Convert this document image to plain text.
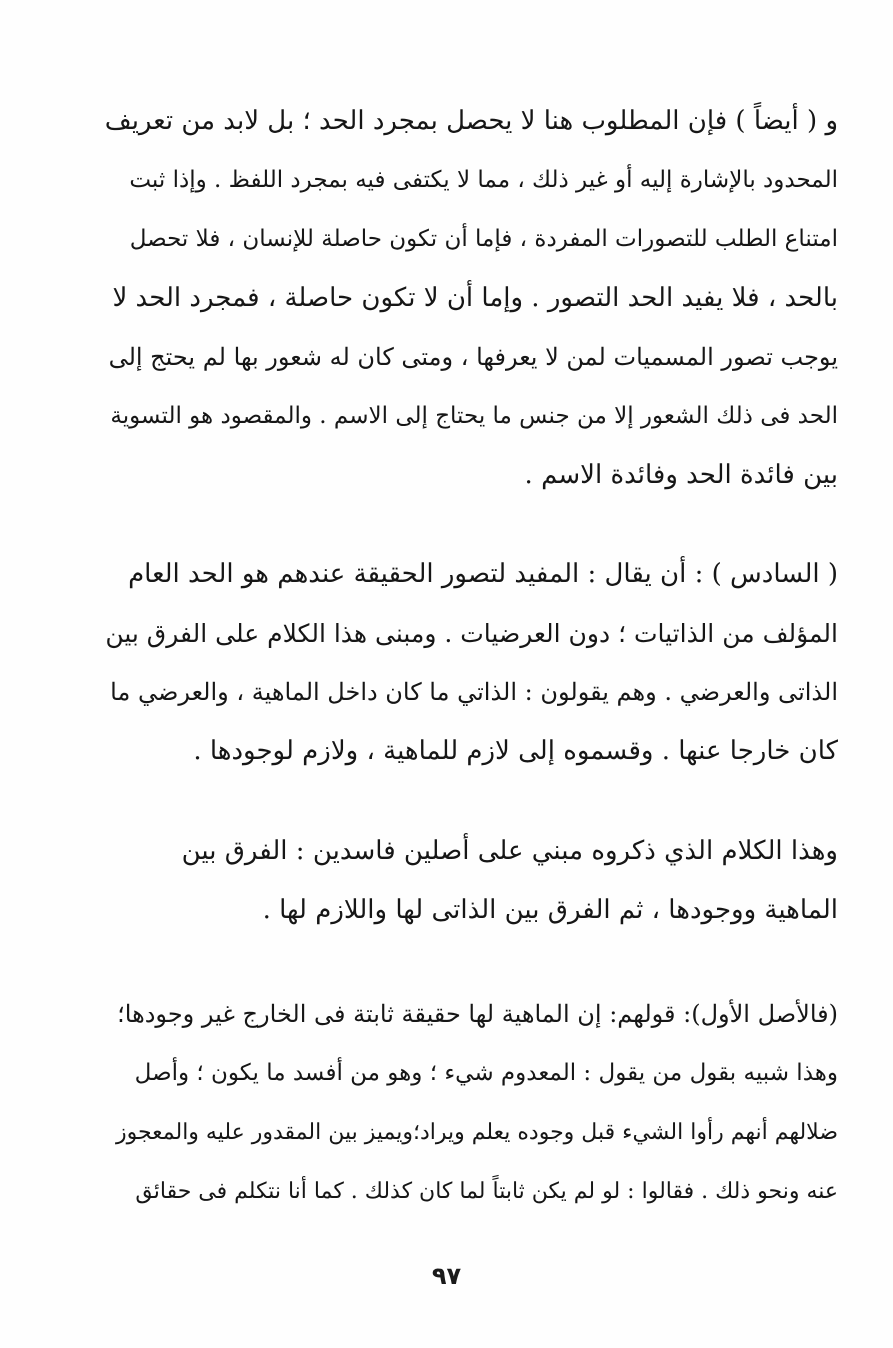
و ( أيضاً ) فإن المطلوب هنا لا يحصل بمجرد الحد ؛ بل لابد من تعريف
المحدود بالإشارة إليه أو غير ذلك ، مما لا يكتفى فيه بمجرد اللفظ . وإذا ثبت
امتناع الطلب للتصورات المفردة ، فإما أن تكون حاصلة للإنسان ، فلا تحصل
بالحد ، فلا يفيد الحد التصور . وإما أن لا تكون حاصلة ، فمجرد الحد لا
يوجب تصور المسميات لمن لا يعرفها ، ومتى كان له شعور بها لم يحتج إلى
الحد فى ذلك الشعور إلا من جنس ما يحتاج إلى الاسم . والمقصود هو التسوية
بين فائدة الحد وفائدة الاسم .
( السادس ) : أن يقال : المفيد لتصور الحقيقة عندهم هو الحد العام
المؤلف من الذاتيات ؛ دون العرضيات . ومبنى هذا الكلام على الفرق بين
الذاتى والعرضي . وهم يقولون : الذاتي ما كان داخل الماهية ، والعرضي ما
كان خارجا عنها . وقسموه إلى لازم للماهية ، ولازم لوجودها .
وهذا الكلام الذي ذكروه مبني على أصلين فاسدين : الفرق بين
الماهية ووجودها ، ثم الفرق بين الذاتى لها واللازم لها .
(فالأصل الأول): قولهم: إن الماهية لها حقيقة ثابتة فى الخارج غير وجودها؛
وهذا شبيه بقول من يقول : المعدوم شيء ؛ وهو من أفسد ما يكون ؛ وأصل
ضلالهم أنهم رأوا الشيء قبل وجوده يعلم ويراد؛ويميز بين المقدور عليه والمعجوز
عنه ونحو ذلك . فقالوا : لو لم يكن ثابتاً لما كان كذلك . كما أنا نتكلم فى حقائق
٩٧
